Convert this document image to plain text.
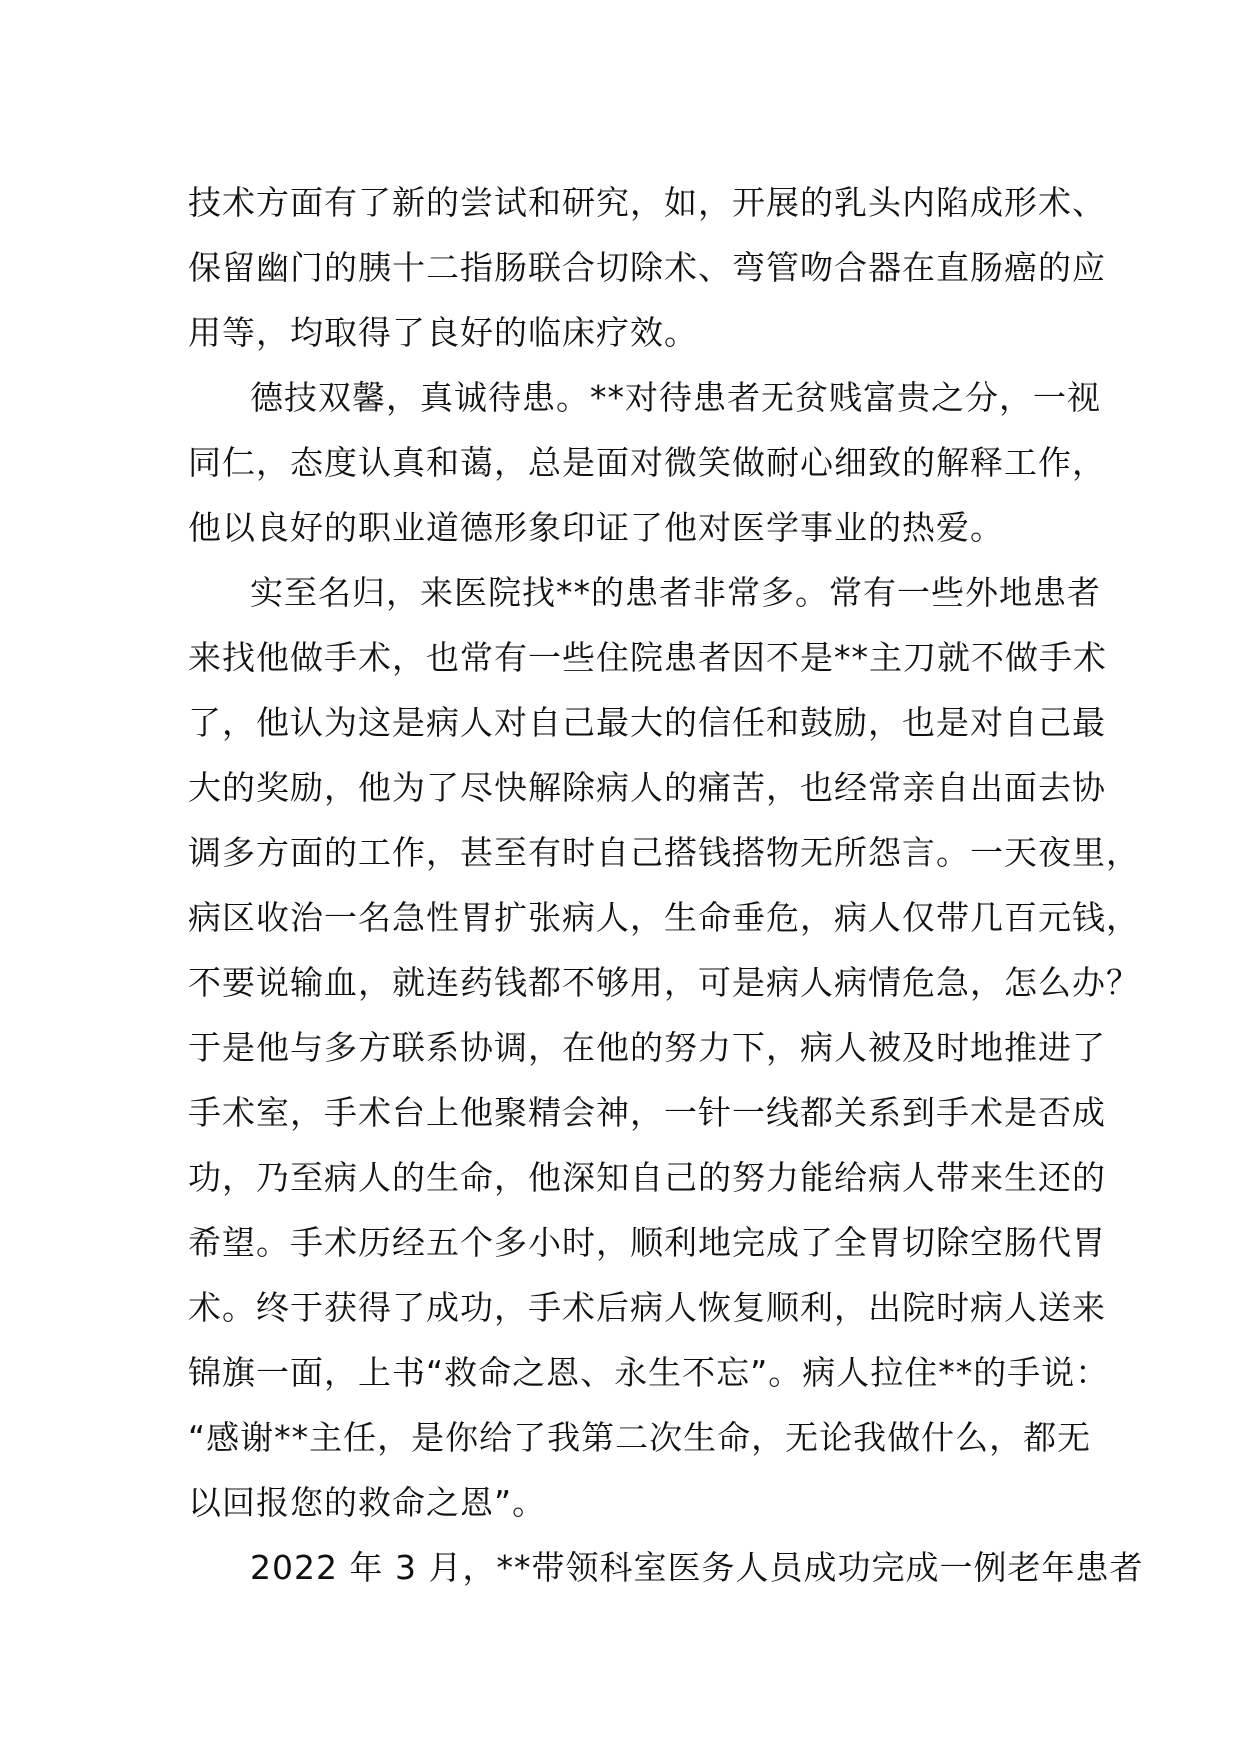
技术方面有了新的尝试和研究，如，开展的乳头内陷成形术、
保留幽门的胰十二指肠联合切除术、弯管吻合器在直肠癌的应
用等，均取得了良好的临床疗效。
德技双馨，真诚待患。**对待患者无贫贱富贵之分，一视
同仁，态度认真和蔼，总是面对微笑做耐心细致的解释工作，
他以良好的职业道德形象印证了他对医学事业的热爱。
实至名归，来医院找**的患者非常多。常有一些外地患者
来找他做手术，也常有一些住院患者因不是**主刀就不做手术
了，他认为这是病人对自己最大的信任和鼓励，也是对自己最
大的奖励，他为了尽快解除病人的痛苦，也经常亲自出面去协
调多方面的工作，甚至有时自己搭钱搭物无所怨言。一天夜里，
病区收治一名急性胃扩张病人，生命垂危，病人仅带几百元钱，
不要说输血，就连药钱都不够用，可是病人病情危急，怎么办？
于是他与多方联系协调，在他的努力下，病人被及时地推进了
手术室，手术台上他聚精会神，一针一线都关系到手术是否成
功，乃至病人的生命，他深知自己的努力能给病人带来生还的
希望。手术历经五个多小时，顺利地完成了全胃切除空肠代胃
术。终于获得了成功，手术后病人恢复顺利，出院时病人送来
锦旗一面，上书“救命之恩、永生不忘”。病人拉住**的手说：
“感谢**主任，是你给了我第二次生命，无论我做什么，都无
以回报您的救命之恩”。
2022 年 3 月，**带领科室医务人员成功完成一例老年患者
